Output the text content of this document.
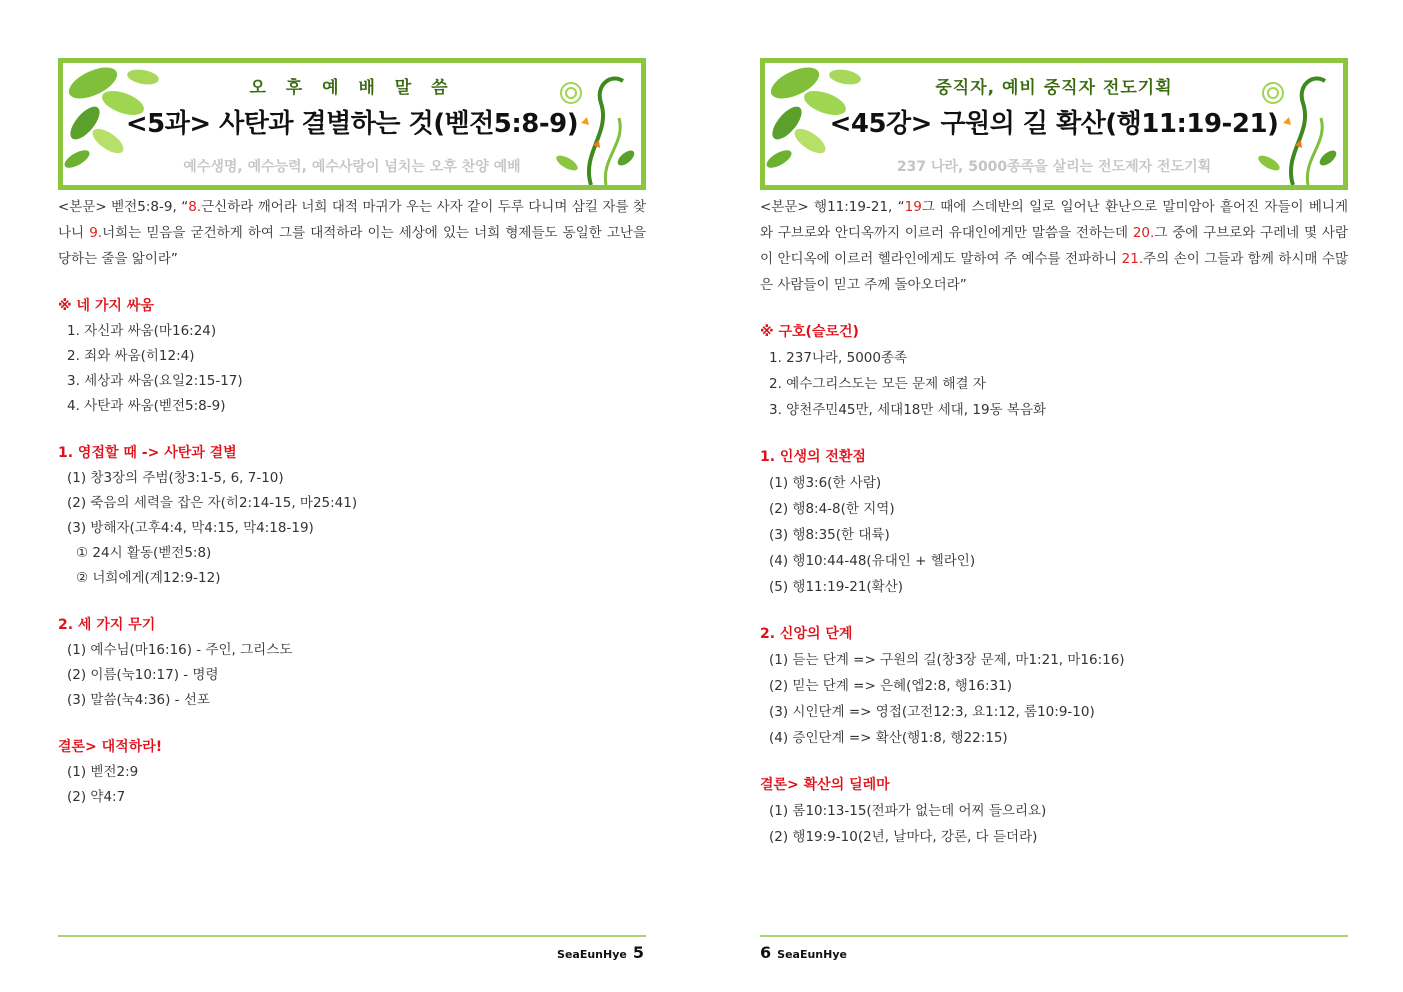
오 후 예 배 말 씀
<5과> 사탄과 결별하는 것(벧전5:8-9)
예수생명, 예수능력, 예수사랑이 넘치는 오후 찬양 예배

<본문> 벧전5:8-9, “8.근신하라 깨어라 너희 대적 마귀가 우는 사자 같이 두루 다니며 삼킬 자를 찾나니 9.너희는 믿음을 굳건하게 하여 그를 대적하라 이는 세상에 있는 너희 형제들도 동일한 고난을 당하는 줄을 앎이라”

※ 네 가지 싸움
1. 자신과 싸움(마16:24)
2. 죄와 싸움(히12:4)
3. 세상과 싸움(요일2:15-17)
4. 사탄과 싸움(벧전5:8-9)
1. 영접할 때 -> 사탄과 결별
(1) 창3장의 주범(창3:1-5, 6, 7-10)
(2) 죽음의 세력을 잡은 자(히2:14-15, 마25:41)
(3) 방해자(고후4:4, 막4:15, 막4:18-19)
① 24시 활동(벧전5:8)
② 너희에게(계12:9-12)
2. 세 가지 무기
(1) 예수님(마16:16) - 주인, 그리스도
(2) 이름(눅10:17) - 명령
(3) 말씀(눅4:36) - 선포
결론> 대적하라!
(1) 벧전2:9
(2) 약4:7
SeaEunHye 5
중직자, 예비 중직자 전도기획
<45강> 구원의 길 확산(행11:19-21)
237 나라, 5000종족을 살리는 전도제자 전도기획

<본문> 행11:19-21, “19그 때에 스데반의 일로 일어난 환난으로 말미암아 흩어진 자들이 베니게와 구브로와 안디옥까지 이르러 유대인에게만 말씀을 전하는데 20.그 중에 구브로와 구레네 몇 사람이 안디옥에 이르러 헬라인에게도 말하여 주 예수를 전파하니 21.주의 손이 그들과 함께 하시매 수많은 사람들이 믿고 주께 돌아오더라”

※ 구호(슬로건)
1. 237나라, 5000종족
2. 예수그리스도는 모든 문제 해결 자
3. 양천주민45만, 세대18만 세대, 19동 복음화
1. 인생의 전환점
(1) 행3:6(한 사람)
(2) 행8:4-8(한 지역)
(3) 행8:35(한 대륙)
(4) 행10:44-48(유대인 + 헬라인)
(5) 행11:19-21(확산)
2. 신앙의 단계
(1) 듣는 단계 => 구원의 길(창3장 문제, 마1:21, 마16:16)
(2) 믿는 단계 => 은혜(엡2:8, 행16:31)
(3) 시인단계 => 영접(고전12:3, 요1:12, 롬10:9-10)
(4) 증인단계 => 확산(행1:8, 행22:15)
결론> 확산의 딜레마
(1) 롬10:13-15(전파가 없는데 어찌 들으리요)
(2) 행19:9-10(2년, 날마다, 강론, 다 듣더라)
6 SeaEunHye
